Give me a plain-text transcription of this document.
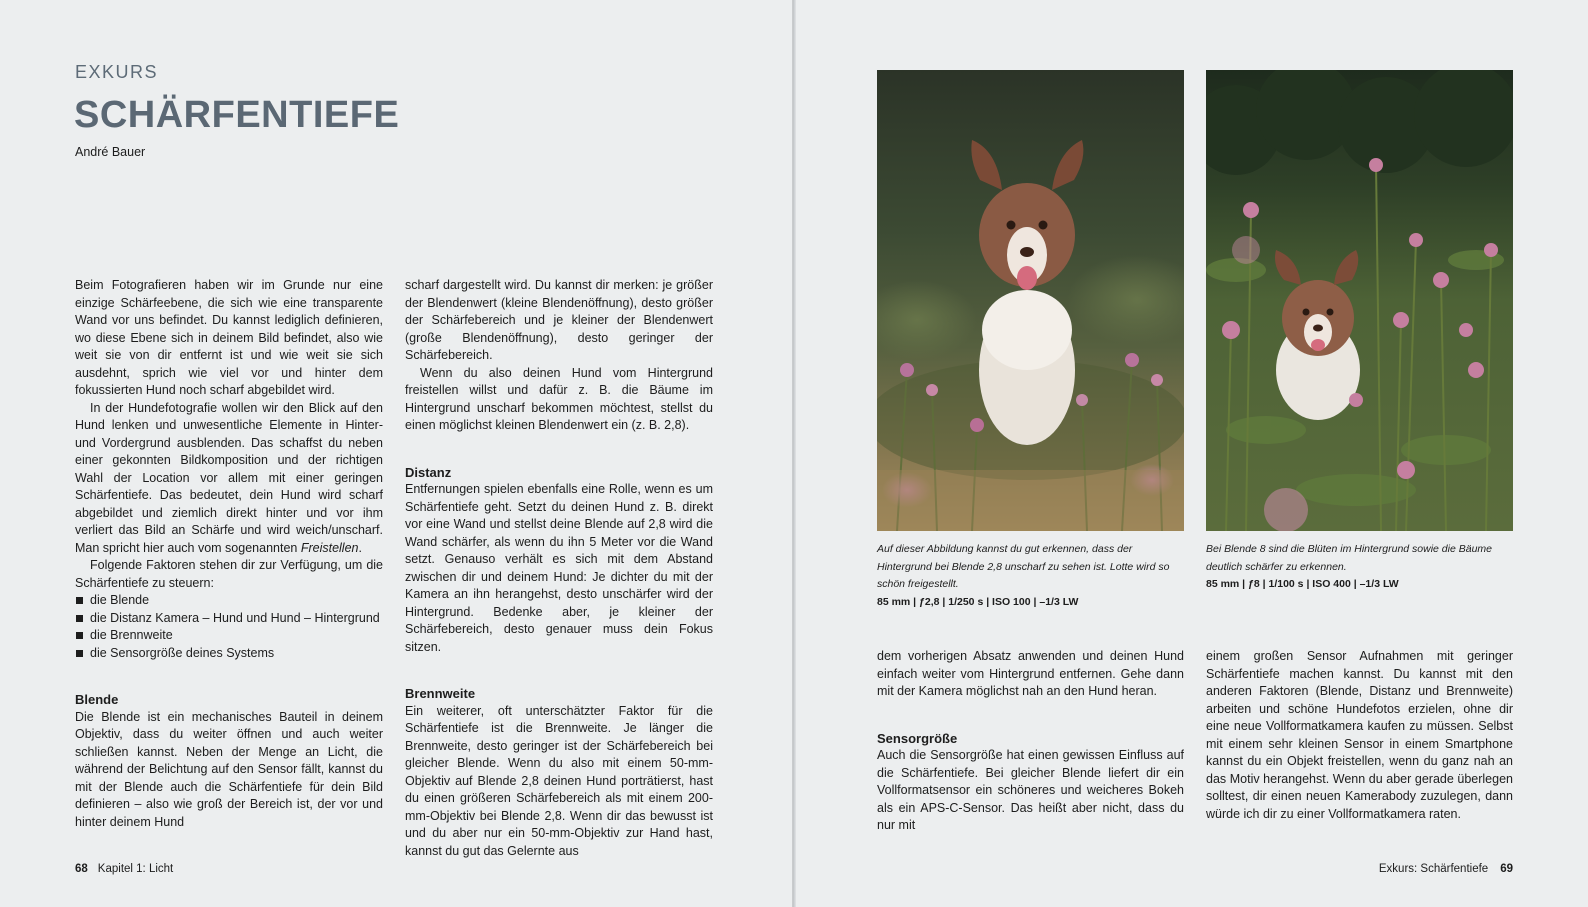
EXKURS
SCHÄRFENTIEFE
André Bauer

Beim Fotografieren haben wir im Grunde nur eine einzige Schärfeebene, die sich wie eine transparente Wand vor uns befindet. Du kannst lediglich definieren, wo diese Ebene sich in deinem Bild befindet, also wie weit sie von dir entfernt ist und wie weit sie sich ausdehnt, sprich wie viel vor und hinter dem fokussierten Hund noch scharf abgebildet wird.

In der Hundefotografie wollen wir den Blick auf den Hund lenken und unwesentliche Elemente in Hinter- und Vordergrund ausblenden. Das schaffst du neben einer gekonnten Bildkomposition und der richtigen Wahl der Location vor allem mit einer geringen Schärfentiefe. Das bedeutet, dein Hund wird scharf abgebildet und ziemlich direkt hinter und vor ihm verliert das Bild an Schärfe und wird weich/unscharf. Man spricht hier auch vom sogenannten Freistellen.

Folgende Faktoren stehen dir zur Verfügung, um die Schärfentiefe zu steuern:

die Blende
die Distanz Kamera – Hund und Hund – Hintergrund
die Brennweite
die Sensorgröße deines Systems
Blende

Die Blende ist ein mechanisches Bauteil in deinem Objektiv, dass du weiter öffnen und auch weiter schließen kannst. Neben der Menge an Licht, die während der Belichtung auf den Sensor fällt, kannst du mit der Blende auch die Schärfentiefe für dein Bild definieren – also wie groß der Bereich ist, der vor und hinter deinem Hund

scharf dargestellt wird. Du kannst dir merken: je größer der Blendenwert (kleine Blendenöffnung), desto größer der Schärfebereich und je kleiner der Blendenwert (große Blendenöffnung), desto geringer der Schärfebereich.

Wenn du also deinen Hund vom Hintergrund freistellen willst und dafür z. B. die Bäume im Hintergrund unscharf bekommen möchtest, stellst du einen möglichst kleinen Blendenwert ein (z. B. 2,8).

Distanz

Entfernungen spielen ebenfalls eine Rolle, wenn es um Schärfentiefe geht. Setzt du deinen Hund z. B. direkt vor eine Wand und stellst deine Blende auf 2,8 wird die Wand schärfer, als wenn du ihn 5 Meter vor die Wand setzt. Genauso verhält es sich mit dem Abstand zwischen dir und deinem Hund: Je dichter du mit der Kamera an ihn herangehst, desto unschärfer wird der Hintergrund. Bedenke aber, je kleiner der Schärfebereich, desto genauer muss dein Fokus sitzen.

Brennweite

Ein weiterer, oft unterschätzter Faktor für die Schärfentiefe ist die Brennweite. Je länger die Brennweite, desto geringer ist der Schärfebereich bei gleicher Blende. Wenn du also mit einem 50-mm-Objektiv auf Blende 2,8 deinen Hund porträtierst, hast du einen größeren Schärfebereich als mit einem 200-mm-Objektiv bei Blende 2,8. Wenn dir das bewusst ist und du aber nur ein 50-mm-Objektiv zur Hand hast, kannst du gut das Gelernte aus

68 Kapitel 1: Licht
Auf dieser Abbildung kannst du gut erkennen, dass der Hintergrund bei Blende 2,8 unscharf zu sehen ist. Lotte wird so schön freigestellt.
85 mm | ƒ2,8 | 1/250 s | ISO 100 | –1/3 LW
Bei Blende 8 sind die Blüten im Hintergrund sowie die Bäume deutlich schärfer zu erkennen.
85 mm | ƒ8 | 1/100 s | ISO 400 | –1/3 LW

dem vorherigen Absatz anwenden und deinen Hund einfach weiter vom Hintergrund entfernen. Gehe dann mit der Kamera möglichst nah an den Hund heran.

Sensorgröße

Auch die Sensorgröße hat einen gewissen Einfluss auf die Schärfentiefe. Bei gleicher Blende liefert dir ein Vollformatsensor ein schöneres und weicheres Bokeh als ein APS-C-Sensor. Das heißt aber nicht, dass du nur mit

einem großen Sensor Aufnahmen mit geringer Schärfentiefe machen kannst. Du kannst mit den anderen Faktoren (Blende, Distanz und Brennweite) arbeiten und schöne Hundefotos erzielen, ohne dir eine neue Vollformatkamera kaufen zu müssen. Selbst mit einem sehr kleinen Sensor in einem Smartphone kannst du ein Objekt freistellen, wenn du ganz nah an das Motiv herangehst. Wenn du aber gerade überlegen solltest, dir einen neuen Kamerabody zuzulegen, dann würde ich dir zu einer Vollformatkamera raten.

Exkurs: Schärfentiefe 69
